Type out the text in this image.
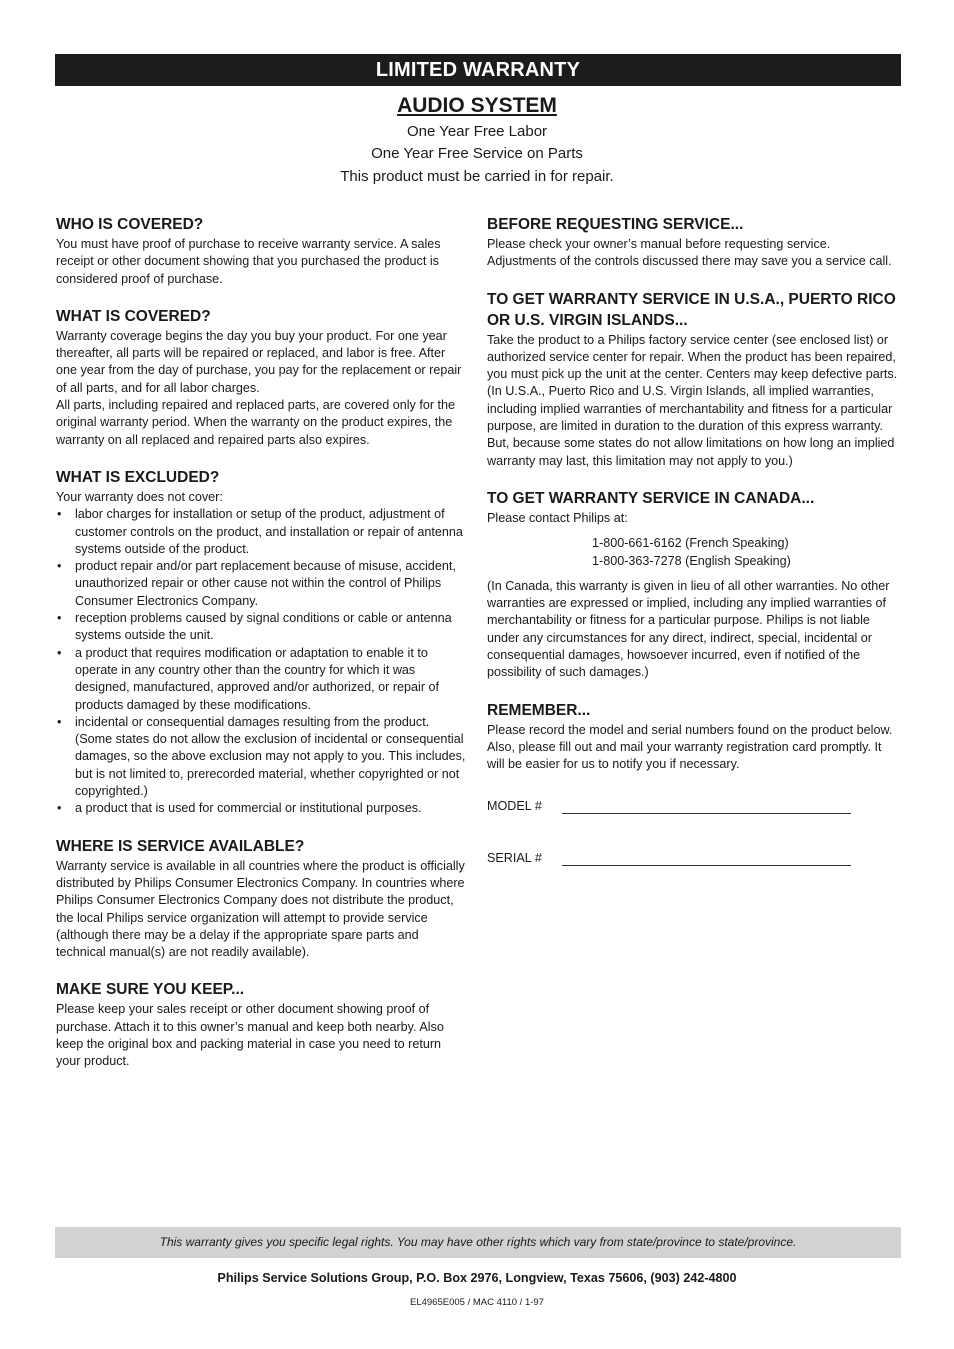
LIMITED WARRANTY
AUDIO SYSTEM
One Year Free Labor
One Year Free Service on Parts
This product must be carried in for repair.
WHO IS COVERED?

You must have proof of purchase to receive warranty service. A sales receipt or other document showing that you purchased the product is considered proof of purchase.

WHAT IS COVERED?

Warranty coverage begins the day you buy your product. For one year thereafter, all parts will be repaired or replaced, and labor is free. After one year from the day of purchase, you pay for the replacement or repair of all parts, and for all labor charges.

All parts, including repaired and replaced parts, are covered only for the original warranty period. When the warranty on the product expires, the warranty on all replaced and repaired parts also expires.

WHAT IS EXCLUDED?

Your warranty does not cover:

• labor charges for installation or setup of the product, adjustment of customer controls on the product, and installation or repair of antenna systems outside of the product.
• product repair and/or part replacement because of misuse, accident, unauthorized repair or other cause not within the control of Philips Consumer Electronics Company.
• reception problems caused by signal conditions or cable or antenna systems outside the unit.
• a product that requires modification or adaptation to enable it to operate in any country other than the country for which it was designed, manufactured, approved and/or authorized, or repair of products damaged by these modifications.
• incidental or consequential damages resulting from the product. (Some states do not allow the exclusion of incidental or consequential damages, so the above exclusion may not apply to you. This includes, but is not limited to, prerecorded material, whether copyrighted or not copyrighted.)
• a product that is used for commercial or institutional purposes.
WHERE IS SERVICE AVAILABLE?

Warranty service is available in all countries where the product is officially distributed by Philips Consumer Electronics Company. In countries where Philips Consumer Electronics Company does not distribute the product, the local Philips service organization will attempt to provide service (although there may be a delay if the appropriate spare parts and technical manual(s) are not readily available).

MAKE SURE YOU KEEP...

Please keep your sales receipt or other document showing proof of purchase. Attach it to this owner’s manual and keep both nearby. Also keep the original box and packing material in case you need to return your product.

BEFORE REQUESTING SERVICE...

Please check your owner’s manual before requesting service. Adjustments of the controls discussed there may save you a service call.

TO GET WARRANTY SERVICE IN U.S.A., PUERTO RICO OR U.S. VIRGIN ISLANDS...

Take the product to a Philips factory service center (see enclosed list) or authorized service center for repair. When the product has been repaired, you must pick up the unit at the center. Centers may keep defective parts. (In U.S.A., Puerto Rico and U.S. Virgin Islands, all implied warranties, including implied warranties of merchantability and fitness for a particular purpose, are limited in duration to the duration of this express warranty. But, because some states do not allow limitations on how long an implied warranty may last, this limitation may not apply to you.)

TO GET WARRANTY SERVICE IN CANADA...

Please contact Philips at:

1-800-661-6162 (French Speaking)
1-800-363-7278 (English Speaking)

(In Canada, this warranty is given in lieu of all other warranties. No other warranties are expressed or implied, including any implied warranties of merchantability or fitness for a particular purpose. Philips is not liable under any circumstances for any direct, indirect, special, incidental or consequential damages, howsoever incurred, even if notified of the possibility of such damages.)

REMEMBER...

Please record the model and serial numbers found on the product below. Also, please fill out and mail your warranty registration card promptly. It will be easier for us to notify you if necessary.

MODEL #
SERIAL #
This warranty gives you specific legal rights. You may have other rights which vary from state/province to state/province.
Philips Service Solutions Group, P.O. Box 2976, Longview, Texas 75606, (903) 242-4800
EL4965E005 / MAC 4110 / 1-97
